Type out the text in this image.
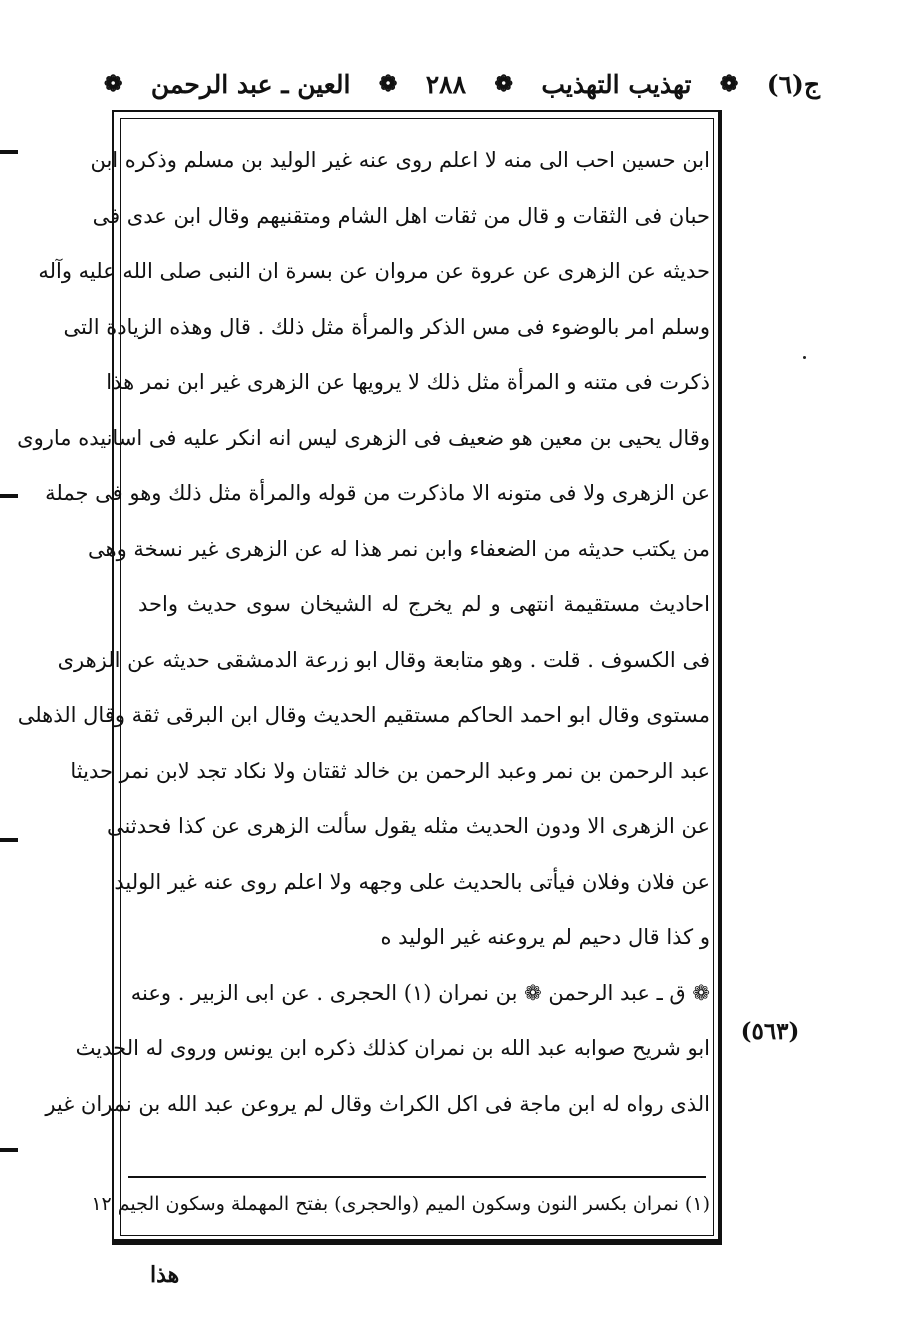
ج(٦)
❁
تهذيب التهذيب
❁
٢٨٨
❁
العين ـ عبد الرحمن
❁
ابن حسين احب الى منه لا اعلم روى عنه غير الوليد بن مسلم وذكره ابن
حبان فى الثقات و قال من ثقات اهل الشام ومتقنيهم وقال ابن عدى فى
حديثه عن الزهرى عن عروة عن مروان عن بسرة ان النبى صلى الله عليه وآله
وسلم امر بالوضوء فى مس الذكر والمرأة مثل ذلك . قال وهذه الزيادة التى
ذكرت فى متنه و المرأة مثل ذلك لا يرويها عن الزهرى غير ابن نمر هذا
وقال يحيى بن معين هو ضعيف فى الزهرى ليس انه انكر عليه فى اسانيده ماروى
عن الزهرى ولا فى متونه الا ماذكرت من قوله والمرأة مثل ذلك وهو فى جملة
من يكتب حديثه من الضعفاء وابن نمر هذا له عن الزهرى غير نسخة وهى
احاديث مستقيمة انتهى و لم يخرج له الشيخان سوى حديث واحد
فى الكسوف . قلت . وهو متابعة وقال ابو زرعة الدمشقى حديثه عن الزهرى
مستوى وقال ابو احمد الحاكم مستقيم الحديث وقال ابن البرقى ثقة وقال الذهلى
عبد الرحمن بن نمر وعبد الرحمن بن خالد ثقتان ولا نكاد تجد لابن نمر حديثا
عن الزهرى الا ودون الحديث مثله يقول سألت الزهرى عن كذا فحدثنى
عن فلان وفلان فيأتى بالحديث على وجهه ولا اعلم روى عنه غير الوليد
و كذا قال دحيم لم يروعنه غير الوليد ه
❁ ق ـ عبد الرحمن ❁ بن نمران (١) الحجرى . عن ابى الزبير . وعنه
ابو شريح صوابه عبد الله بن نمران كذلك ذكره ابن يونس وروى له الحديث
الذى رواه له ابن ماجة فى اكل الكراث وقال لم يروعن عبد الله بن نمران غير
(٥٦٣)
(١) نمران بكسر النون وسكون الميم (والحجرى) بفتح المهملة وسكون الجيم ١٢
هذا
